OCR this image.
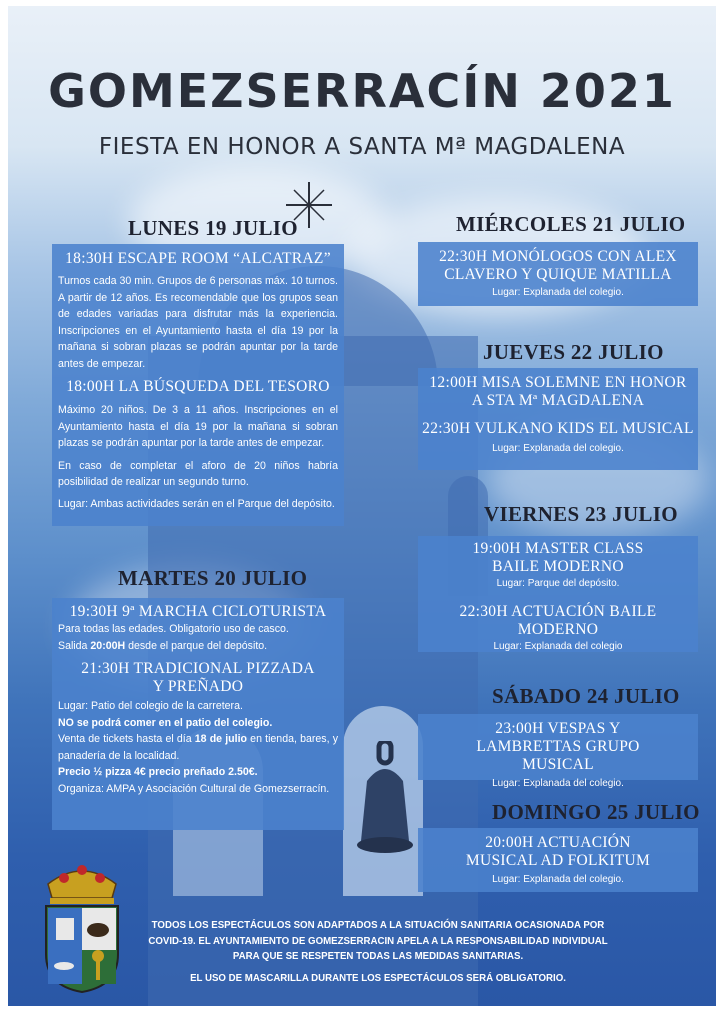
GOMEZSERRACÍN 2021
FIESTA EN HONOR A SANTA Mª MAGDALENA
LUNES 19 JULIO
18:30H ESCAPE ROOM “ALCATRAZ”
Turnos cada 30 min. Grupos de 6 personas máx. 10 turnos. A partir de 12 años. Es recomendable que los grupos sean de edades variadas para disfrutar más la experiencia. Inscripciones en el Ayuntamiento hasta el día 19 por la mañana si sobran plazas se podrán apuntar por la tarde antes de empezar.
18:00H LA BÚSQUEDA DEL TESORO
Máximo 20 niños. De 3 a 11 años. Inscripciones en el Ayuntamiento hasta el día 19 por la mañana si sobran plazas se podrán apuntar por la tarde antes de empezar.
En caso de completar el aforo de 20 niños habría posibilidad de realizar un segundo turno.
Lugar: Ambas actividades serán en el Parque del depósito.
MARTES 20 JULIO
19:30H 9ª MARCHA CICLOTURISTA
Para todas las edades. Obligatorio uso de casco.
Salida 20:00H desde el parque del depósito.
21:30H TRADICIONAL PIZZADA Y PREÑADO
Lugar: Patio del colegio de la carretera.
NO se podrá comer en el patio del colegio.
Venta de tickets hasta el día 18 de julio en tienda, bares, y panadería de la localidad.
Precio ½ pizza 4€ precio preñado 2.50€.
Organiza: AMPA y Asociación Cultural de Gomezserracín.
MIÉRCOLES 21 JULIO
22:30H MONÓLOGOS CON ALEX CLAVERO Y QUIQUE MATILLA
Lugar: Explanada del colegio.
JUEVES 22 JULIO
12:00H MISA SOLEMNE EN HONOR A STA Mª MAGDALENA
22:30H VULKANO KIDS EL MUSICAL
Lugar: Explanada del colegio.
VIERNES 23 JULIO
19:00H MASTER CLASS BAILE MODERNO
Lugar: Parque del depósito.
22:30H ACTUACIÓN BAILE MODERNO
Lugar: Explanada del colegio
SÁBADO 24 JULIO
23:00H VESPAS Y LAMBRETTAS GRUPO MUSICAL
Lugar: Explanada del colegio.
DOMINGO 25 JULIO
20:00H ACTUACIÓN MUSICAL AD FOLKITUM
Lugar: Explanada del colegio.
TODOS LOS ESPECTÁCULOS SON ADAPTADOS A LA SITUACIÓN SANITARIA OCASIONADA POR COVID-19. EL AYUNTAMIENTO DE GOMEZSERRACIN APELA A LA RESPONSABILIDAD INDIVIDUAL PARA QUE SE RESPETEN TODAS LAS MEDIDAS SANITARIAS.
EL USO DE MASCARILLA DURANTE LOS ESPECTÁCULOS SERÁ OBLIGATORIO.
